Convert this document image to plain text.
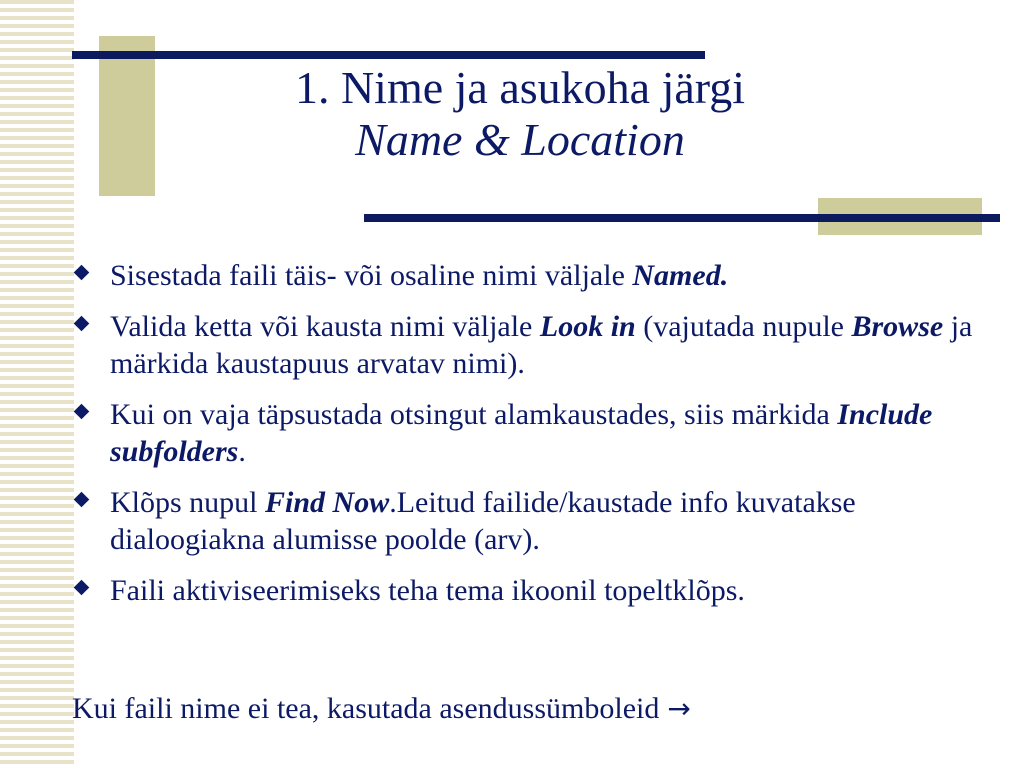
1. Nime ja asukoha järgi
Name & Location
Sisestada faili täis- või osaline nimi väljale Named.
Valida ketta või kausta nimi väljale Look in (vajutada nupule Browse ja märkida kaustapuus arvatav nimi).
Kui on vaja täpsustada otsingut alamkaustades, siis märkida Include subfolders.
Klõps nupul Find Now.Leitud failide/kaustade info kuvatakse dialoogiakna alumisse poolde (arv).
Faili aktiviseerimiseks teha tema ikoonil topeltklõps.
Kui faili nime ei tea, kasutada asendussümboleid →
